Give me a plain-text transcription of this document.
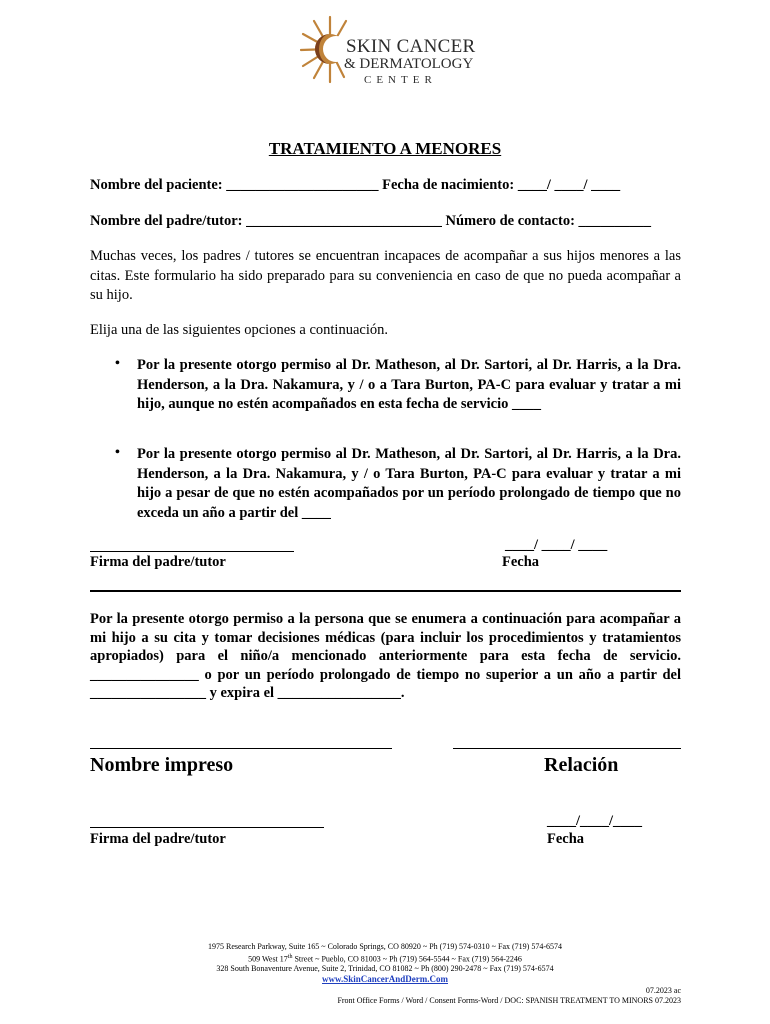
SKIN CANCER
& DERMATOLOGY
CENTER
TRATAMIENTO A MENORES
Nombre del paciente: _____________________ Fecha de nacimiento: ____/ ____/ ____
Nombre del padre/tutor: ___________________________ Número de contacto: __________
Muchas veces, los padres / tutores se encuentran incapaces de acompañar a sus hijos menores a las citas. Este formulario ha sido preparado para su conveniencia en caso de que no pueda acompañar a su hijo.
Elija una de las siguientes opciones a continuación.
• Por la presente otorgo permiso al Dr. Matheson, al Dr. Sartori, al Dr. Harris, a la Dra. Henderson, a la Dra. Nakamura, y / o a Tara Burton, PA-C para evaluar y tratar a mi hijo, aunque no estén acompañados en esta fecha de servicio ____
• Por la presente otorgo permiso al Dr. Matheson, al Dr. Sartori, al Dr. Harris, a la Dra. Henderson, a la Dra. Nakamura, y / o Tara Burton, PA-C para evaluar y tratar a mi hijo a pesar de que no estén acompañados por un período prolongado de tiempo que no exceda un año a partir del ____
Firma del padre/tutor
____/ ____/ ____
Fecha
Por la presente otorgo permiso a la persona que se enumera a continuación para acompañar a mi hijo a su cita y tomar decisiones médicas (para incluir los procedimientos y tratamientos apropiados) para el niño/a mencionado anteriormente para esta fecha de servicio. _______________ o por un período prolongado de tiempo no superior a un año a partir del ________________ y expira el _________________.
Nombre impreso	Relación
Firma del padre/tutor
____/____/____
Fecha
1975 Research Parkway, Suite 165 ~ Colorado Springs, CO 80920 ~ Ph (719) 574-0310 ~ Fax (719) 574-6574
509 West 17th Street ~ Pueblo, CO 81003 ~ Ph (719) 564-5544 ~ Fax (719) 564-2246
328 South Bonaventure Avenue, Suite 2, Trinidad, CO 81082 ~ Ph (800) 290-2478 ~ Fax (719) 574-6574
www.SkinCancerAndDerm.Com
07.2023 ac
Front Office Forms / Word / Consent Forms-Word / DOC: SPANISH TREATMENT TO MINORS 07.2023
